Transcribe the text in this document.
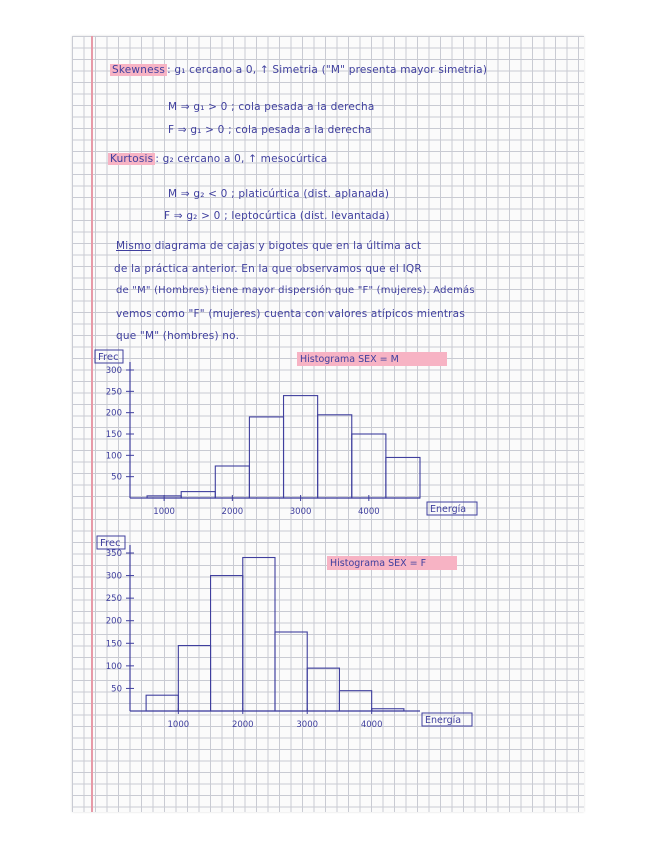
Skewness : g₁ cercano a 0, ↑ Simetria ("M" presenta mayor simetria)
M ⇒ g₁ > 0 ; cola pesada a la derecha
F ⇒ g₁ > 0 ; cola pesada a la derecha
Kurtosis : g₂ cercano a 0, ↑ mesocúrtica
M ⇒ g₂ < 0 ; platicúrtica (dist. aplanada)
F ⇒ g₂ > 0 ; leptocúrtica (dist. levantada)
Mismo diagrama de cajas y bigotes que en la última act
de la práctica anterior. En la que observamos que el IQR
de "M" (Hombres) tiene mayor dispersión que "F" (mujeres). Además
vemos como "F" (mujeres) cuenta con valores atípicos mientras
que "M" (hombres) no.
Frec
50
100
150
200
250
300
1000	2000	3000	4000	Energía
Histograma SEX = M
Frec
50
100
150
200
250
300
350
1000	2000	3000	4000	Energía
Histograma SEX = F
